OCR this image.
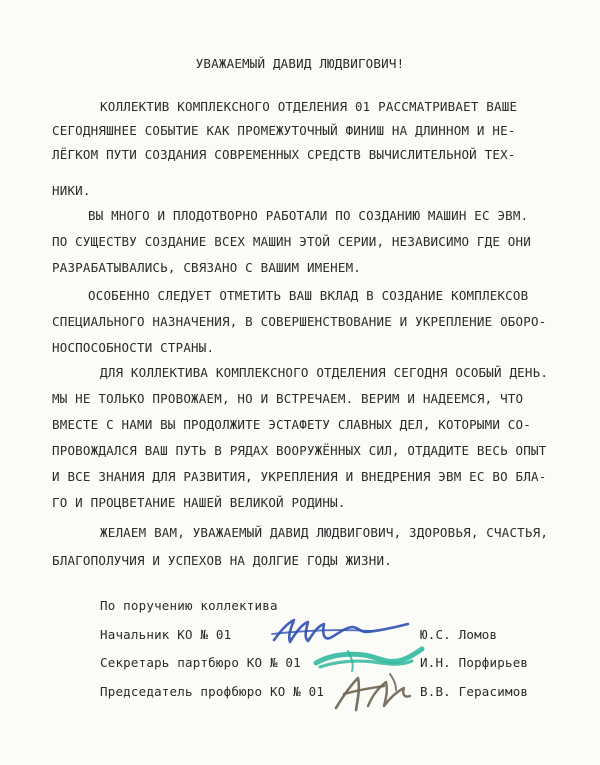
УВАЖАЕМЫЙ ДАВИД ЛЮДВИГОВИЧ!
КОЛЛЕКТИВ КОМПЛЕКСНОГО ОТДЕЛЕНИЯ 01 РАССМАТРИВАЕТ ВАШЕ
СЕГОДНЯШНЕЕ СОБЫТИЕ КАК ПРОМЕЖУТОЧНЫЙ ФИНИШ НА ДЛИННОМ И НЕ-
ЛЁГКОМ ПУТИ СОЗДАНИЯ СОВРЕМЕННЫХ СРЕДСТВ ВЫЧИСЛИТЕЛЬНОЙ ТЕХ-
НИКИ.
ВЫ МНОГО И ПЛОДОТВОРНО РАБОТАЛИ ПО СОЗДАНИЮ МАШИН ЕС ЭВМ.
ПО СУЩЕСТВУ СОЗДАНИЕ ВСЕХ МАШИН ЭТОЙ СЕРИИ, НЕЗАВИСИМО ГДЕ ОНИ
РАЗРАБАТЫВАЛИСЬ, СВЯЗАНО С ВАШИМ ИМЕНЕМ.
ОСОБЕННО СЛЕДУЕТ ОТМЕТИТЬ ВАШ ВКЛАД В СОЗДАНИЕ КОМПЛЕКСОВ
СПЕЦИАЛЬНОГО НАЗНАЧЕНИЯ, В СОВЕРШЕНСТВОВАНИЕ И УКРЕПЛЕНИЕ ОБОРО-
НОСПОСОБНОСТИ СТРАНЫ.
ДЛЯ КОЛЛЕКТИВА КОМПЛЕКСНОГО ОТДЕЛЕНИЯ СЕГОДНЯ ОСОБЫЙ ДЕНЬ.
МЫ НЕ ТОЛЬКО ПРОВОЖАЕМ, НО И ВСТРЕЧАЕМ. ВЕРИМ И НАДЕЕМСЯ, ЧТО
ВМЕСТЕ С НАМИ ВЫ ПРОДОЛЖИТЕ ЭСТАФЕТУ СЛАВНЫХ ДЕЛ, КОТОРЫМИ СО-
ПРОВОЖДАЛСЯ ВАШ ПУТЬ В РЯДАХ ВООРУЖЁННЫХ СИЛ, ОТДАДИТЕ ВЕСЬ ОПЫТ
И ВСЕ ЗНАНИЯ ДЛЯ РАЗВИТИЯ, УКРЕПЛЕНИЯ И ВНЕДРЕНИЯ ЭВМ ЕС ВО БЛА-
ГО И ПРОЦВЕТАНИЕ НАШЕЙ ВЕЛИКОЙ РОДИНЫ.
ЖЕЛАЕМ ВАМ, УВАЖАЕМЫЙ ДАВИД ЛЮДВИГОВИЧ, ЗДОРОВЬЯ, СЧАСТЬЯ,
БЛАГОПОЛУЧИЯ И УСПЕХОВ НА ДОЛГИЕ ГОДЫ ЖИЗНИ.
По поручению коллектива
Начальник КО № 01	Ю.С. Ломов
Секретарь партбюро КО № 01	И.Н. Порфирьев
Председатель профбюро КО № 01	В.В. Герасимов
